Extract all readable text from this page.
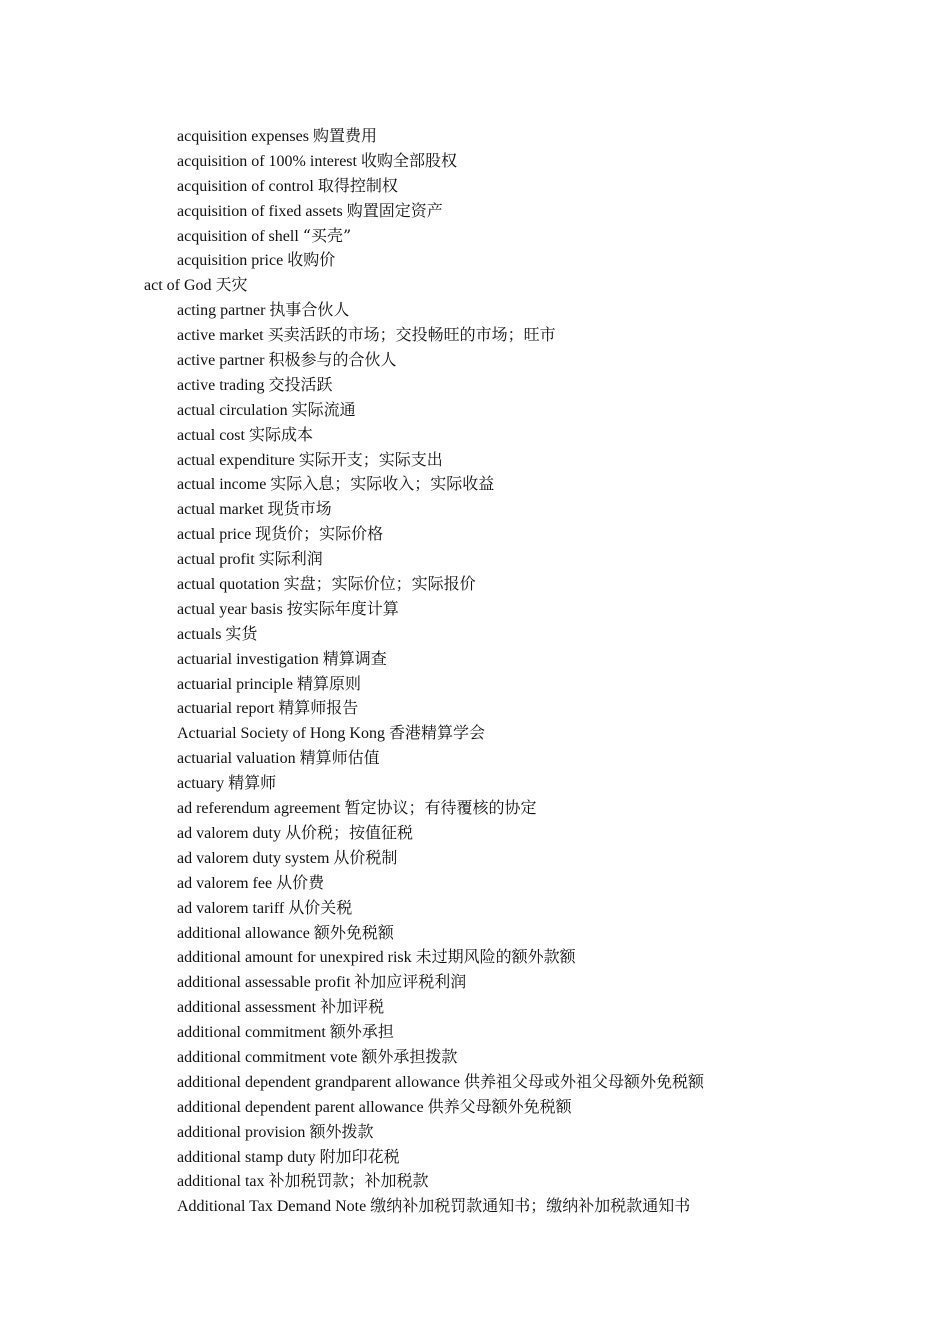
acquisition expenses 购置费用
acquisition of 100% interest 收购全部股权
acquisition of control 取得控制权
acquisition of fixed assets 购置固定资产
acquisition of shell “买壳”
acquisition price 收购价
act of God 天灾
acting partner 执事合伙人
active market 买卖活跃的市场；交投畅旺的市场；旺市
active partner 积极参与的合伙人
active trading 交投活跃
actual circulation 实际流通
actual cost 实际成本
actual expenditure 实际开支；实际支出
actual income 实际入息；实际收入；实际收益
actual market 现货市场
actual price 现货价；实际价格
actual profit 实际利润
actual quotation 实盘；实际价位；实际报价
actual year basis 按实际年度计算
actuals 实货
actuarial investigation 精算调查
actuarial principle 精算原则
actuarial report 精算师报告
Actuarial Society of Hong Kong 香港精算学会
actuarial valuation 精算师估值
actuary 精算师
ad referendum agreement 暂定协议；有待覆核的协定
ad valorem duty 从价税；按值征税
ad valorem duty system 从价税制
ad valorem fee 从价费
ad valorem tariff 从价关税
additional allowance 额外免税额
additional amount for unexpired risk 未过期风险的额外款额
additional assessable profit 补加应评税利润
additional assessment 补加评税
additional commitment 额外承担
additional commitment vote 额外承担拨款
additional dependent grandparent allowance 供养祖父母或外祖父母额外免税额
additional dependent parent allowance 供养父母额外免税额
additional provision 额外拨款
additional stamp duty 附加印花税
additional tax 补加税罚款；补加税款
Additional Tax Demand Note 缴纳补加税罚款通知书；缴纳补加税款通知书
